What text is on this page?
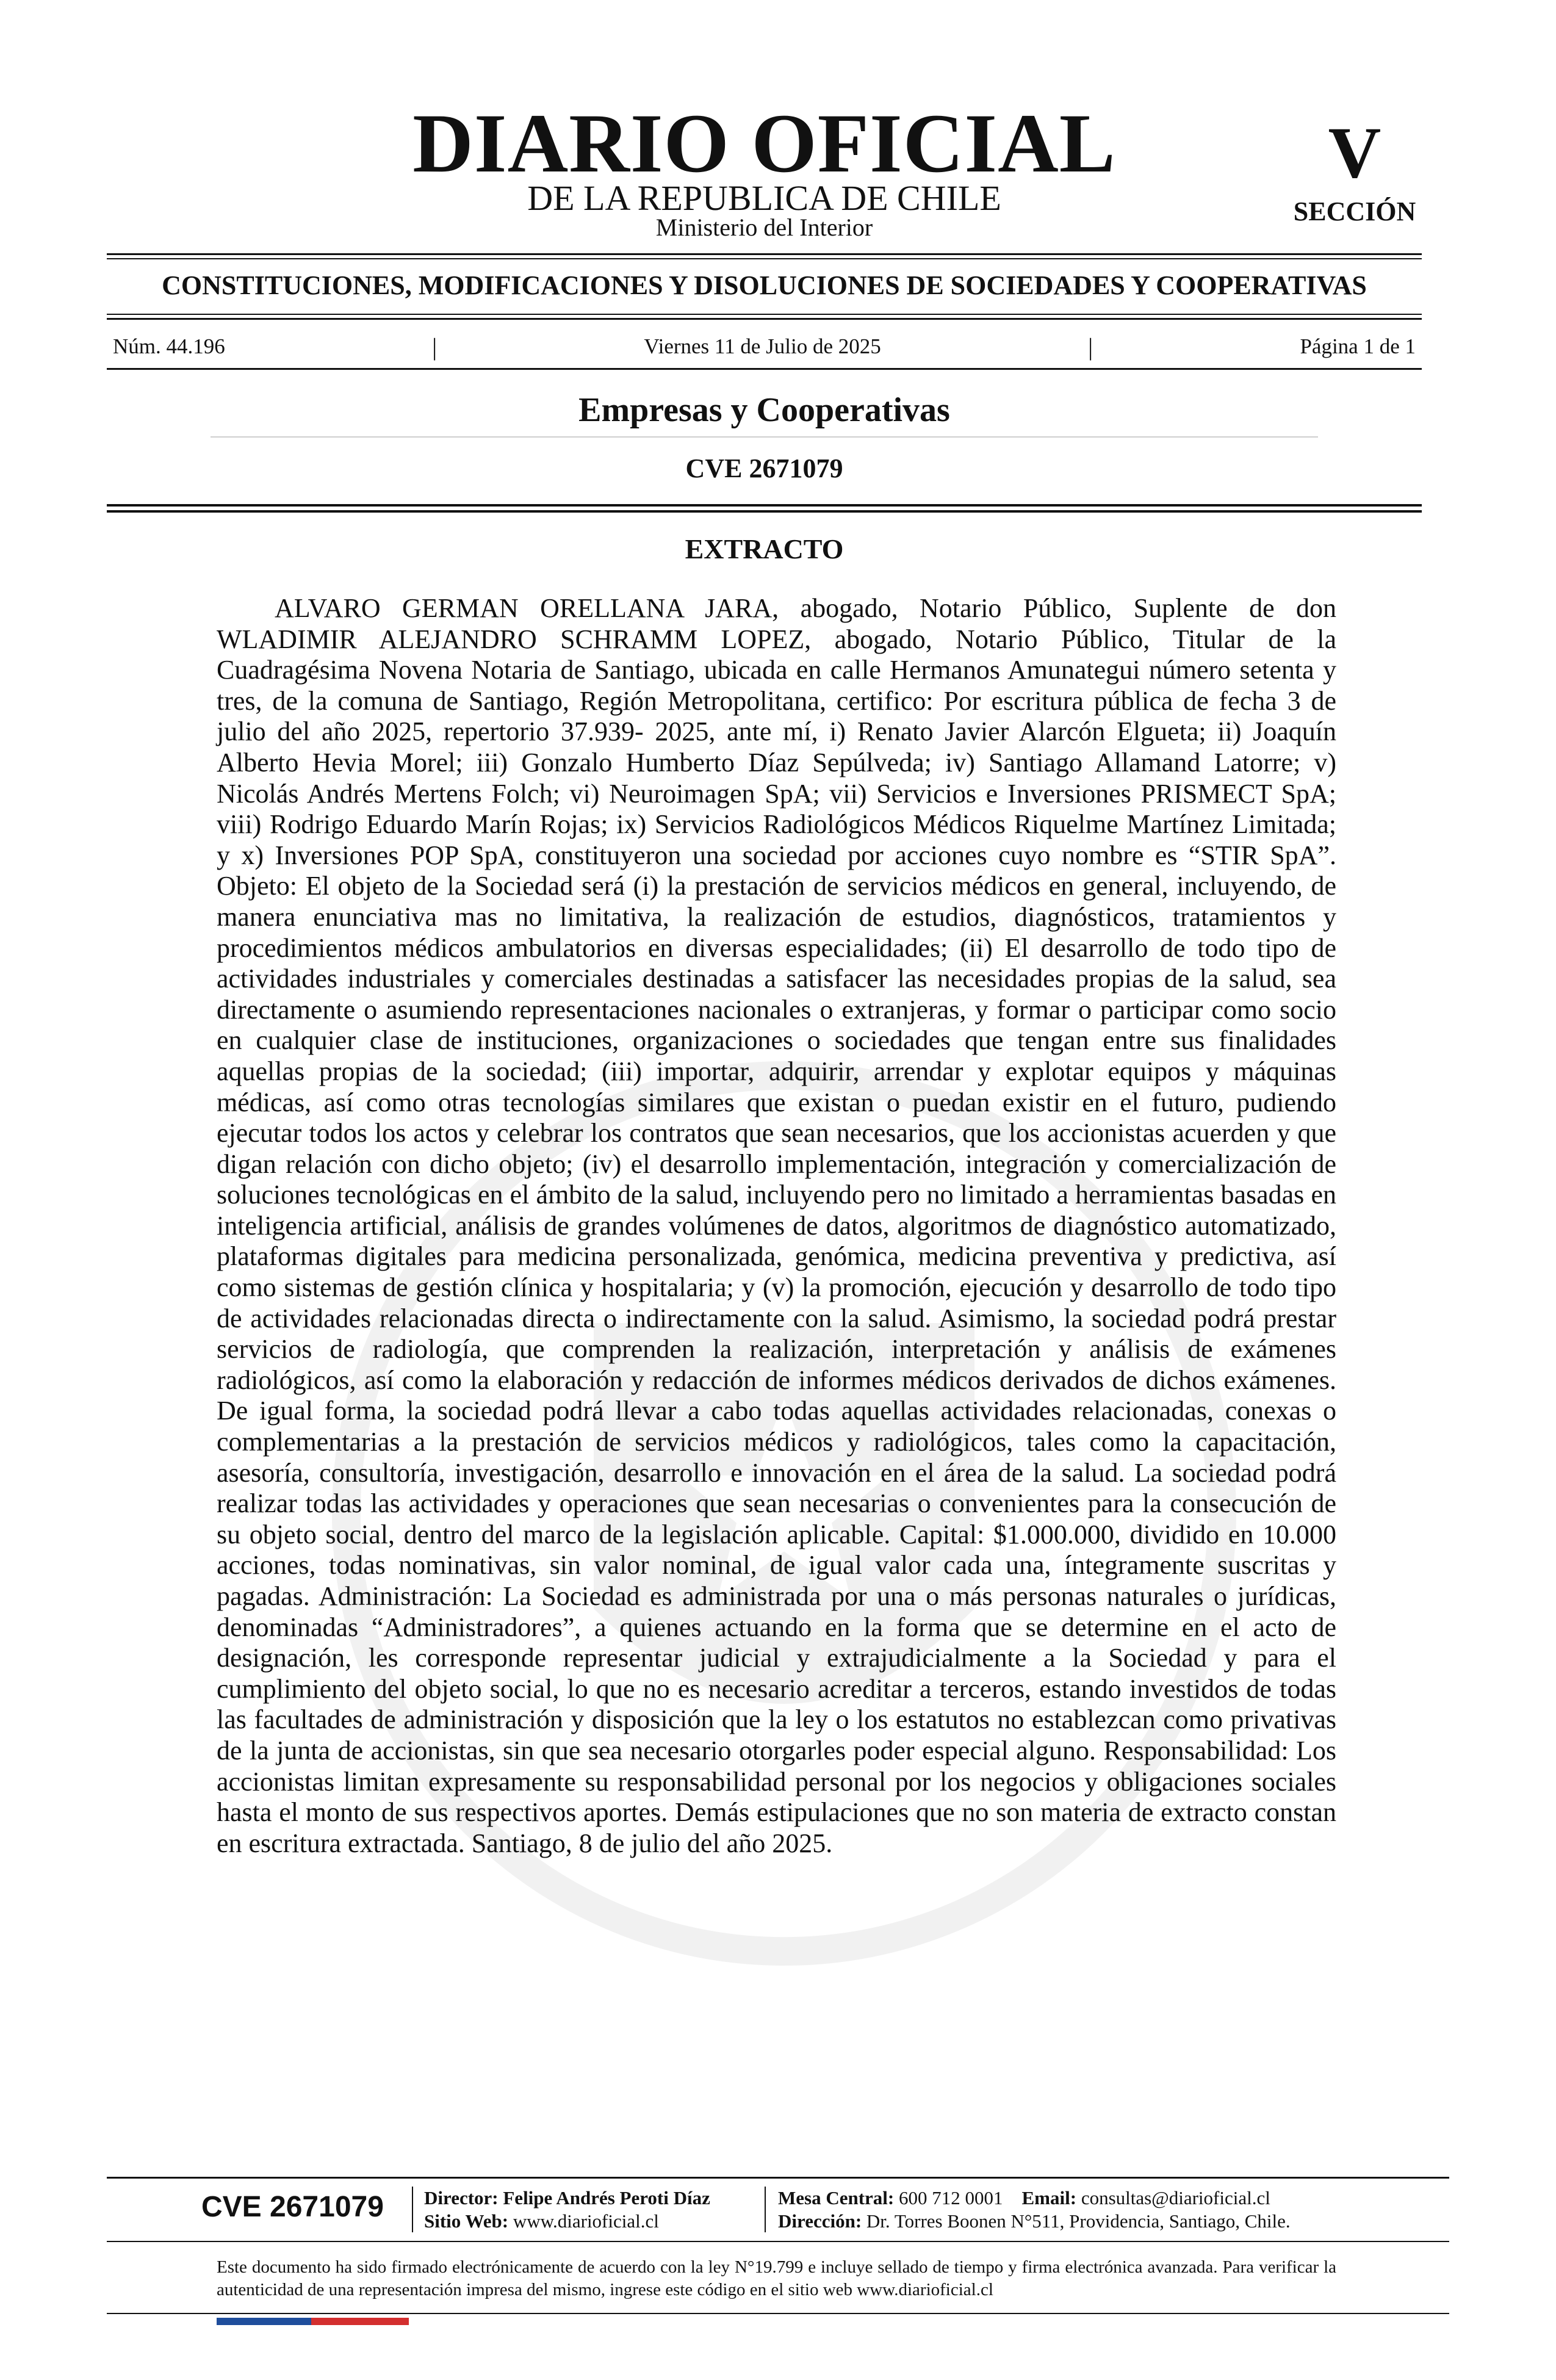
DIARIO OFICIAL
DE LA REPUBLICA DE CHILE
Ministerio del Interior
V
SECCIÓN
CONSTITUCIONES, MODIFICACIONES Y DISOLUCIONES DE SOCIEDADES Y COOPERATIVAS
Núm. 44.196	|	Viernes 11 de Julio de 2025	|	Página 1 de 1
Empresas y Cooperativas
CVE 2671079
EXTRACTO

ALVARO GERMAN ORELLANA JARA, abogado, Notario Público, Suplente de don WLADIMIR ALEJANDRO SCHRAMM LOPEZ, abogado, Notario Público, Titular de la Cuadragésima Novena Notaria de Santiago, ubicada en calle Hermanos Amunategui número setenta y tres, de la comuna de Santiago, Región Metropolitana, certifico: Por escritura pública de fecha 3 de julio del año 2025, repertorio 37.939- 2025, ante mí, i) Renato Javier Alarcón Elgueta; ii) Joaquín Alberto Hevia Morel; iii) Gonzalo Humberto Díaz Sepúlveda; iv) Santiago Allamand Latorre; v) Nicolás Andrés Mertens Folch; vi) Neuroimagen SpA; vii) Servicios e Inversiones PRISMECT SpA; viii) Rodrigo Eduardo Marín Rojas; ix) Servicios Radiológicos Médicos Riquelme Martínez Limitada; y x) Inversiones POP SpA, constituyeron una sociedad por acciones cuyo nombre es “STIR SpA”. Objeto: El objeto de la Sociedad será (i) la prestación de servicios médicos en general, incluyendo, de manera enunciativa mas no limitativa, la realización de estudios, diagnósticos, tratamientos y procedimientos médicos ambulatorios en diversas especialidades; (ii) El desarrollo de todo tipo de actividades industriales y comerciales destinadas a satisfacer las necesidades propias de la salud, sea directamente o asumiendo representaciones nacionales o extranjeras, y formar o participar como socio en cualquier clase de instituciones, organizaciones o sociedades que tengan entre sus finalidades aquellas propias de la sociedad; (iii) importar, adquirir, arrendar y explotar equipos y máquinas médicas, así como otras tecnologías similares que existan o puedan existir en el futuro, pudiendo ejecutar todos los actos y celebrar los contratos que sean necesarios, que los accionistas acuerden y que digan relación con dicho objeto; (iv) el desarrollo implementación, integración y comercialización de soluciones tecnológicas en el ámbito de la salud, incluyendo pero no limitado a herramientas basadas en inteligencia artificial, análisis de grandes volúmenes de datos, algoritmos de diagnóstico automatizado, plataformas digitales para medicina personalizada, genómica, medicina preventiva y predictiva, así como sistemas de gestión clínica y hospitalaria; y (v) la promoción, ejecución y desarrollo de todo tipo de actividades relacionadas directa o indirectamente con la salud. Asimismo, la sociedad podrá prestar servicios de radiología, que comprenden la realización, interpretación y análisis de exámenes radiológicos, así como la elaboración y redacción de informes médicos derivados de dichos exámenes. De igual forma, la sociedad podrá llevar a cabo todas aquellas actividades relacionadas, conexas o complementarias a la prestación de servicios médicos y radiológicos, tales como la capacitación, asesoría, consultoría, investigación, desarrollo e innovación en el área de la salud. La sociedad podrá realizar todas las actividades y operaciones que sean necesarias o convenientes para la consecución de su objeto social, dentro del marco de la legislación aplicable. Capital: $1.000.000, dividido en 10.000 acciones, todas nominativas, sin valor nominal, de igual valor cada una, íntegramente suscritas y pagadas. Administración: La Sociedad es administrada por una o más personas naturales o jurídicas, denominadas “Administradores”, a quienes actuando en la forma que se determine en el acto de designación, les corresponde representar judicial y extrajudicialmente a la Sociedad y para el cumplimiento del objeto social, lo que no es necesario acreditar a terceros, estando investidos de todas las facultades de administración y disposición que la ley o los estatutos no establezcan como privativas de la junta de accionistas, sin que sea necesario otorgarles poder especial alguno. Responsabilidad: Los accionistas limitan expresamente su responsabilidad personal por los negocios y obligaciones sociales hasta el monto de sus respectivos aportes. Demás estipulaciones que no son materia de extracto constan en escritura extractada. Santiago, 8 de julio del año 2025.

CVE 2671079	Director: Felipe Andrés Peroti Díaz
Sitio Web: www.diarioficial.cl
Mesa Central: 600 712 0001 Email: consultas@diarioficial.cl
Dirección: Dr. Torres Boonen N°511, Providencia, Santiago, Chile.

Este documento ha sido firmado electrónicamente de acuerdo con la ley N°19.799 e incluye sellado de tiempo y firma electrónica avanzada. Para verificar la autenticidad de una representación impresa del mismo, ingrese este código en el sitio web www.diarioficial.cl
